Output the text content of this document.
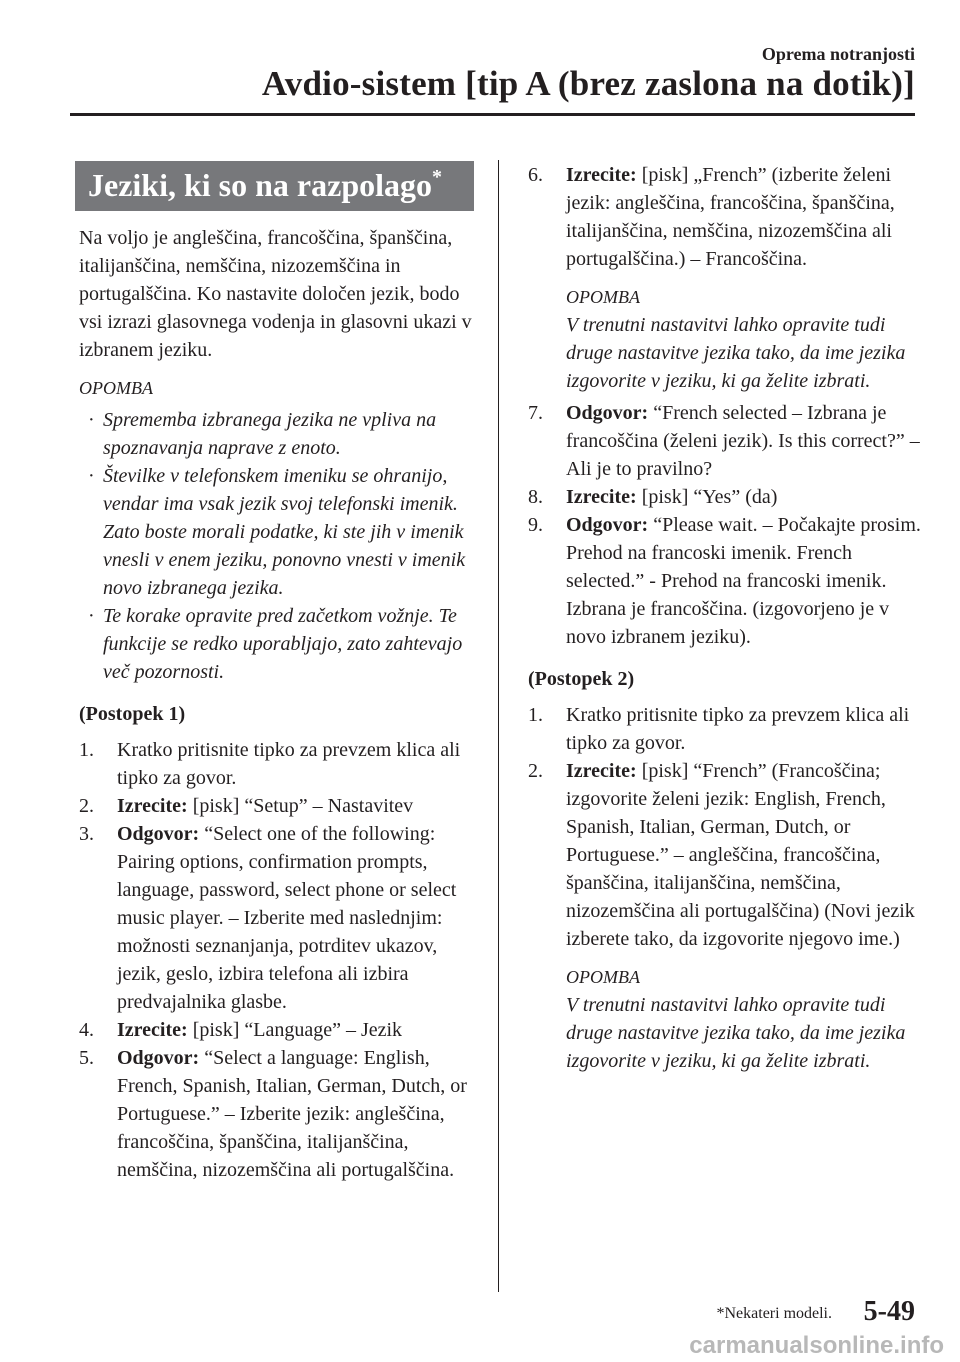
Oprema notranjosti
Avdio-sistem [tip A (brez zaslona na dotik)]
Jeziki, ki so na razpolago*

Na voljo je angleščina, francoščina, španščina, italijanščina, nemščina, nizozemščina in portugalščina. Ko nastavite določen jezik, bodo vsi izrazi glasovnega vodenja in glasovni ukazi v izbranem jeziku.

OPOMBA
· Sprememba izbranega jezika ne vpliva na spoznavanja naprave z enoto.
· Številke v telefonskem imeniku se ohranijo, vendar ima vsak jezik svoj telefonski imenik. Zato boste morali podatke, ki ste jih v imenik vnesli v enem jeziku, ponovno vnesti v imenik novo izbranega jezika.
· Te korake opravite pred začetkom vožnje. Te funkcije se redko uporabljajo, zato zahtevajo več pozornosti.
(Postopek 1)
1. Kratko pritisnite tipko za prevzem klica ali tipko za govor.
2. Izrecite: [pisk] “Setup” – Nastavitev
3. Odgovor: “Select one of the following: Pairing options, confirmation prompts, language, password, select phone or select music player. – Izberite med naslednjim: možnosti seznanjanja, potrditev ukazov, jezik, geslo, izbira telefona ali izbira predvajalnika glasbe.
4. Izrecite: [pisk] “Language” – Jezik
5. Odgovor: “Select a language: English, French, Spanish, Italian, German, Dutch, or Portuguese.” – Izberite jezik: angleščina, francoščina, španščina, italijanščina, nemščina, nizozemščina ali portugalščina.
6. Izrecite: [pisk] „French” (izberite želeni jezik: angleščina, francoščina, španščina, italijanščina, nemščina, nizozemščina ali portugalščina.) – Francoščina.
OPOMBA

V trenutni nastavitvi lahko opravite tudi druge nastavitve jezika tako, da ime jezika izgovorite v jeziku, ki ga želite izbrati.

7. Odgovor: “French selected – Izbrana je francoščina (želeni jezik). Is this correct?” – Ali je to pravilno?
8. Izrecite: [pisk] “Yes” (da)
9. Odgovor: “Please wait. – Počakajte prosim. Prehod na francoski imenik. French selected.” - Prehod na francoski imenik. Izbrana je francoščina. (izgovorjeno je v novo izbranem jeziku).
(Postopek 2)
1. Kratko pritisnite tipko za prevzem klica ali tipko za govor.
2. Izrecite: [pisk] “French” (Francoščina; izgovorite želeni jezik: English, French, Spanish, Italian, German, Dutch, or Portuguese.” – angleščina, francoščina, španščina, italijanščina, nemščina, nizozemščina ali portugalščina) (Novi jezik izberete tako, da izgovorite njegovo ime.)
OPOMBA

V trenutni nastavitvi lahko opravite tudi druge nastavitve jezika tako, da ime jezika izgovorite v jeziku, ki ga želite izbrati.

*Nekateri modeli. 5-49
carmanualsonline.info
